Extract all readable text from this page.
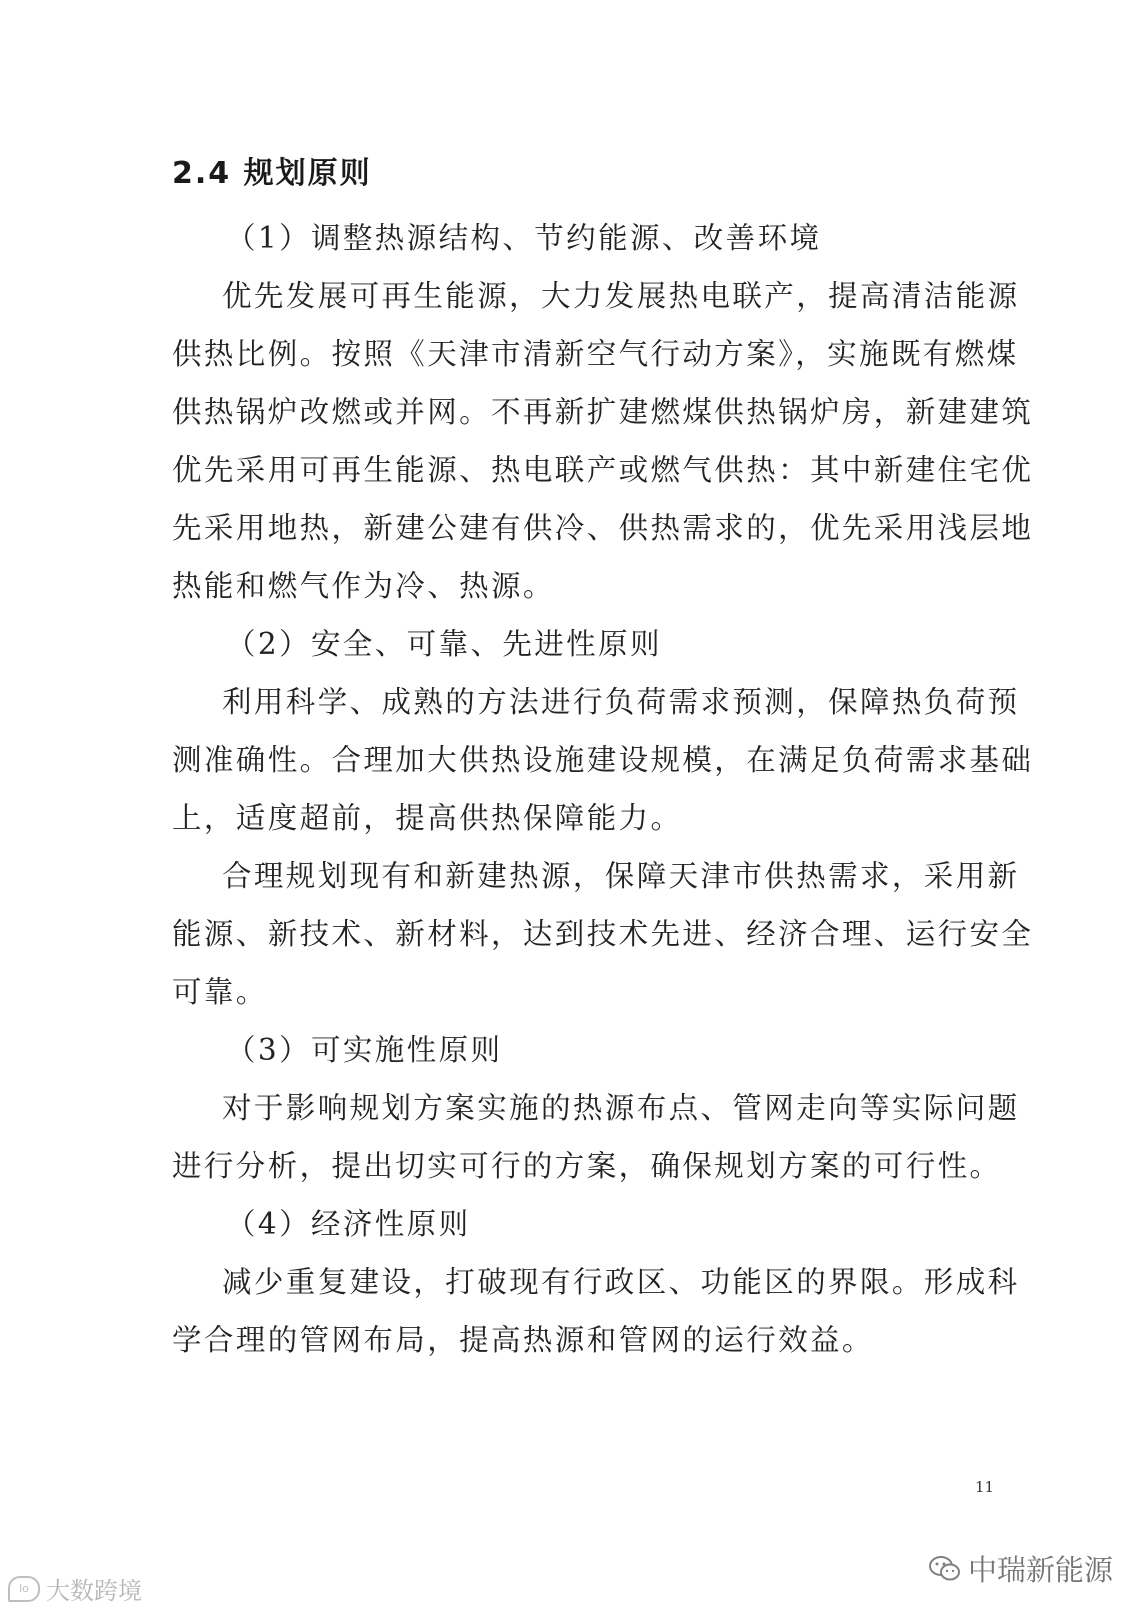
2.4 规划原则
（1）调整热源结构、节约能源、改善环境
优先发展可再生能源，大力发展热电联产，提高清洁能源
供热比例。按照《天津市清新空气行动方案》，实施既有燃煤
供热锅炉改燃或并网。不再新扩建燃煤供热锅炉房，新建建筑
优先采用可再生能源、热电联产或燃气供热：其中新建住宅优
先采用地热，新建公建有供冷、供热需求的，优先采用浅层地
热能和燃气作为冷、热源。
（2）安全、可靠、先进性原则
利用科学、成熟的方法进行负荷需求预测，保障热负荷预
测准确性。合理加大供热设施建设规模，在满足负荷需求基础
上，适度超前，提高供热保障能力。
合理规划现有和新建热源，保障天津市供热需求，采用新
能源、新技术、新材料，达到技术先进、经济合理、运行安全
可靠。
（3）可实施性原则
对于影响规划方案实施的热源布点、管网走向等实际问题
进行分析，提出切实可行的方案，确保规划方案的可行性。
（4）经济性原则
减少重复建设，打破现有行政区、功能区的界限。形成科
学合理的管网布局，提高热源和管网的运行效益。
11
lo 大数跨境
中瑞新能源
